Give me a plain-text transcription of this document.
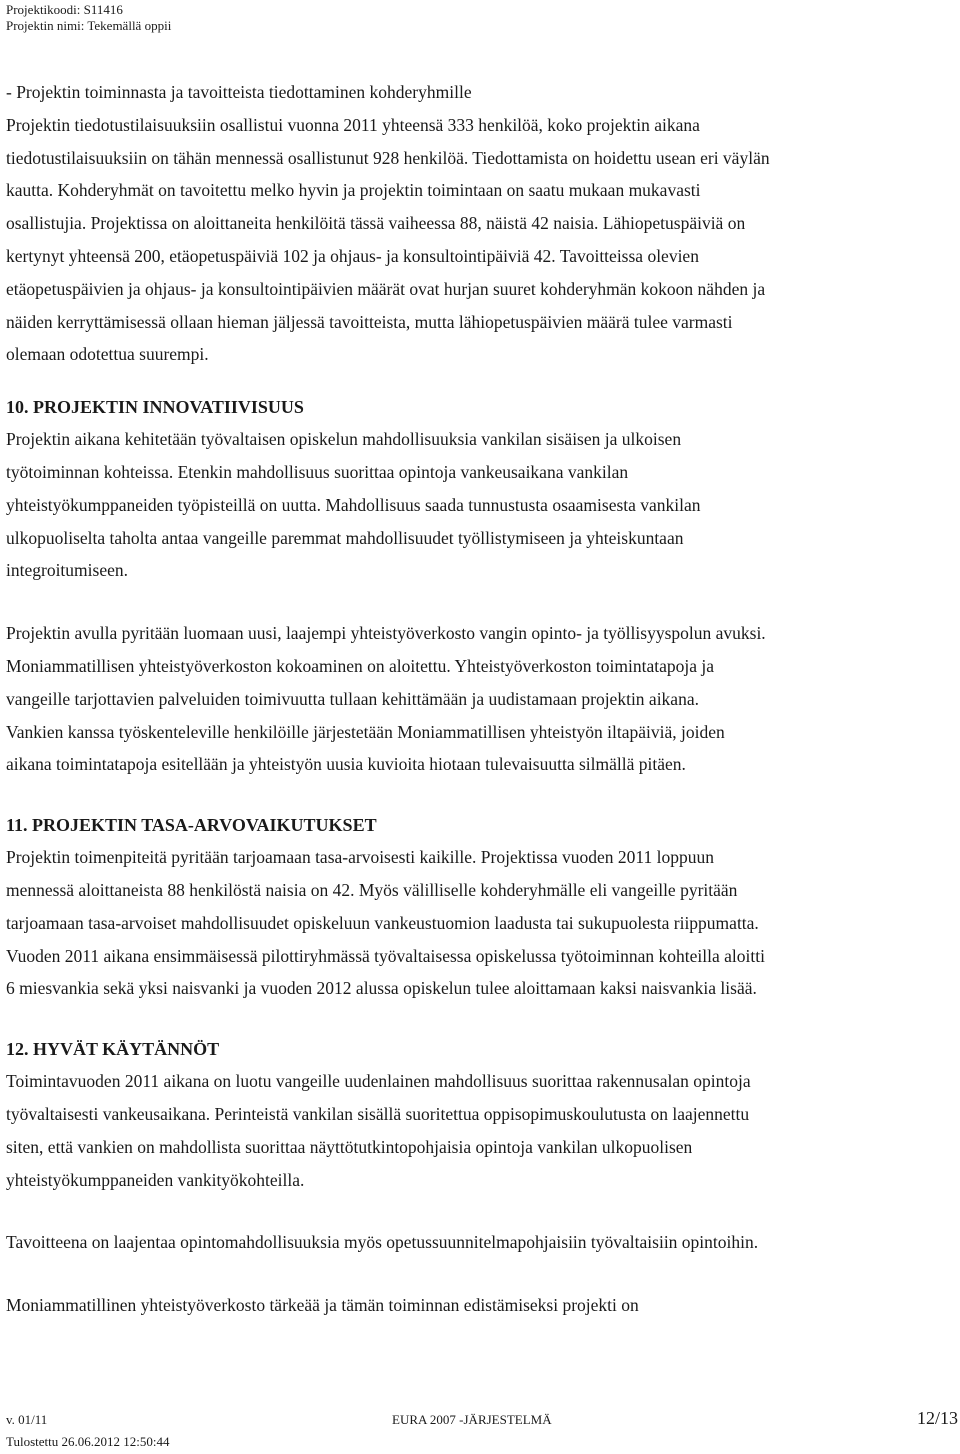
Projektikoodi: S11416
Projektin nimi: Tekemällä oppii
- Projektin toiminnasta ja tavoitteista tiedottaminen kohderyhmille
Projektin tiedotustilaisuuksiin osallistui vuonna 2011 yhteensä 333 henkilöä, koko projektin aikana
tiedotustilaisuuksiin on tähän mennessä osallistunut 928 henkilöä. Tiedottamista on hoidettu usean eri väylän
kautta. Kohderyhmät on tavoitettu melko hyvin ja projektin toimintaan on saatu mukaan mukavasti
osallistujia. Projektissa on aloittaneita henkilöitä tässä vaiheessa 88, näistä 42 naisia. Lähiopetuspäiviä on
kertynyt yhteensä 200, etäopetuspäiviä 102 ja ohjaus- ja konsultointipäiviä 42. Tavoitteissa olevien
etäopetuspäivien ja ohjaus- ja konsultointipäivien määrät ovat hurjan suuret kohderyhmän kokoon nähden ja
näiden kerryttämisessä ollaan hieman jäljessä tavoitteista, mutta lähiopetuspäivien määrä tulee varmasti
olemaan odotettua suurempi.
10. PROJEKTIN INNOVATIIVISUUS
Projektin aikana kehitetään työvaltaisen opiskelun mahdollisuuksia vankilan sisäisen ja ulkoisen
työtoiminnan kohteissa. Etenkin mahdollisuus suorittaa opintoja vankeusaikana vankilan
yhteistyökumppaneiden työpisteillä on uutta. Mahdollisuus saada tunnustusta osaamisesta vankilan
ulkopuoliselta taholta antaa vangeille paremmat mahdollisuudet työllistymiseen ja yhteiskuntaan
integroitumiseen.
Projektin avulla pyritään luomaan uusi, laajempi yhteistyöverkosto vangin opinto- ja työllisyyspolun avuksi.
Moniammatillisen yhteistyöverkoston kokoaminen on aloitettu. Yhteistyöverkoston toimintatapoja ja
vangeille tarjottavien palveluiden toimivuutta tullaan kehittämään ja uudistamaan projektin aikana.
Vankien kanssa työskenteleville henkilöille järjestetään Moniammatillisen yhteistyön iltapäiviä, joiden
aikana toimintatapoja esitellään ja yhteistyön uusia kuvioita hiotaan tulevaisuutta silmällä pitäen.
11. PROJEKTIN TASA-ARVOVAIKUTUKSET
Projektin toimenpiteitä pyritään tarjoamaan tasa-arvoisesti kaikille. Projektissa vuoden 2011 loppuun
mennessä aloittaneista 88 henkilöstä naisia on 42. Myös välilliselle kohderyhmälle eli vangeille pyritään
tarjoamaan tasa-arvoiset mahdollisuudet opiskeluun vankeustuomion laadusta tai sukupuolesta riippumatta.
Vuoden 2011 aikana ensimmäisessä pilottiryhmässä työvaltaisessa opiskelussa työtoiminnan kohteilla aloitti
6 miesvankia sekä yksi naisvanki ja vuoden 2012 alussa opiskelun tulee aloittamaan kaksi naisvankia lisää.
12. HYVÄT KÄYTÄNNÖT
Toimintavuoden 2011 aikana on luotu vangeille uudenlainen mahdollisuus suorittaa rakennusalan opintoja
työvaltaisesti vankeusaikana. Perinteistä vankilan sisällä suoritettua oppisopimuskoulutusta on laajennettu
siten, että vankien on mahdollista suorittaa näyttötutkintopohjaisia opintoja vankilan ulkopuolisen
yhteistyökumppaneiden vankityökohteilla.
Tavoitteena on laajentaa opintomahdollisuuksia myös opetussuunnitelmapohjaisiin työvaltaisiin opintoihin.
Moniammatillinen yhteistyöverkosto tärkeää ja tämän toiminnan edistämiseksi projekti on
v. 01/11	EURA 2007 -JÄRJESTELMÄ	12/13
Tulostettu 26.06.2012 12:50:44
